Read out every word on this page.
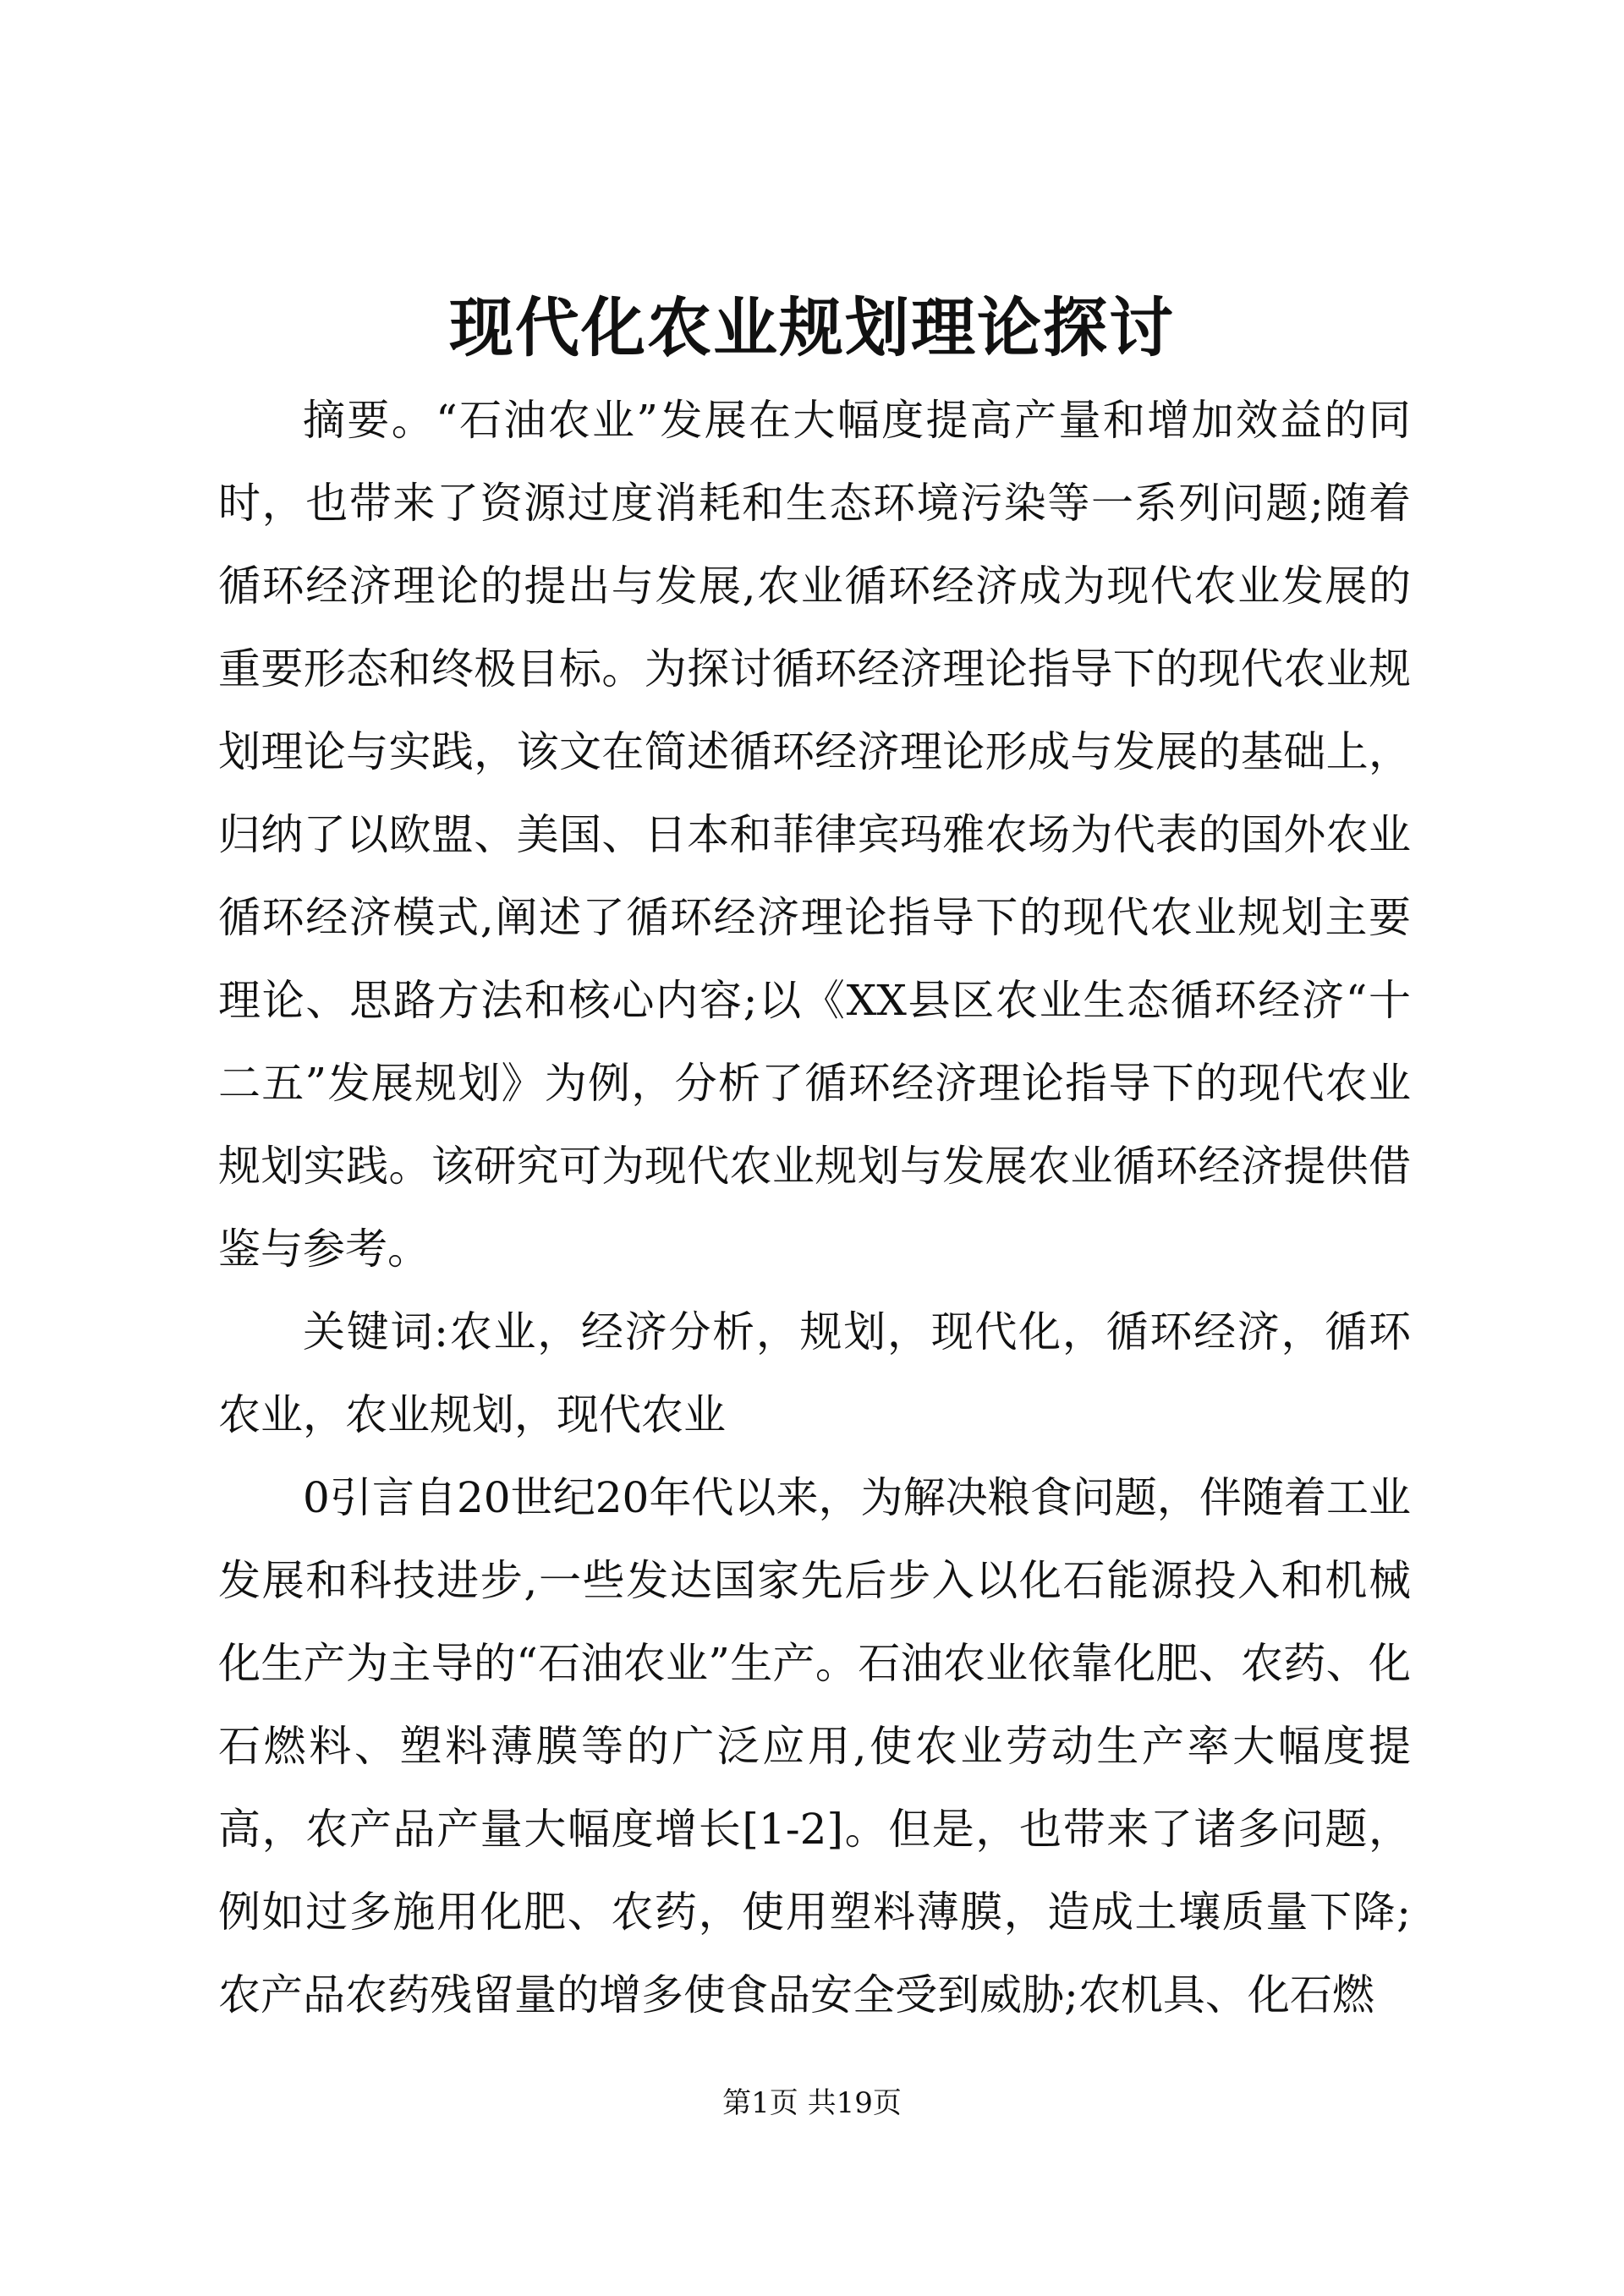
现代化农业规划理论探讨

摘要。“石油农业”发展在大幅度提高产量和增加效益的同时，也带来了资源过度消耗和生态环境污染等一系列问题;随着循环经济理论的提出与发展,农业循环经济成为现代农业发展的重要形态和终极目标。为探讨循环经济理论指导下的现代农业规划理论与实践，该文在简述循环经济理论形成与发展的基础上，归纳了以欧盟、美国、日本和菲律宾玛雅农场为代表的国外农业循环经济模式,阐述了循环经济理论指导下的现代农业规划主要理论、思路方法和核心内容;以《XX县区农业生态循环经济“十二五”发展规划》为例，分析了循环经济理论指导下的现代农业规划实践。该研究可为现代农业规划与发展农业循环经济提供借鉴与参考。

关键词:农业，经济分析，规划，现代化，循环经济，循环农业，农业规划，现代农业

0引言自20世纪20年代以来，为解决粮食问题，伴随着工业发展和科技进步,一些发达国家先后步入以化石能源投入和机械化生产为主导的“石油农业”生产。石油农业依靠化肥、农药、化石燃料、塑料薄膜等的广泛应用,使农业劳动生产率大幅度提高，农产品产量大幅度增长[1-2]。但是，也带来了诸多问题，例如过多施用化肥、农药，使用塑料薄膜，造成土壤质量下降;农产品农药残留量的增多使食品安全受到威胁;农机具、化石燃

第1页 共19页
